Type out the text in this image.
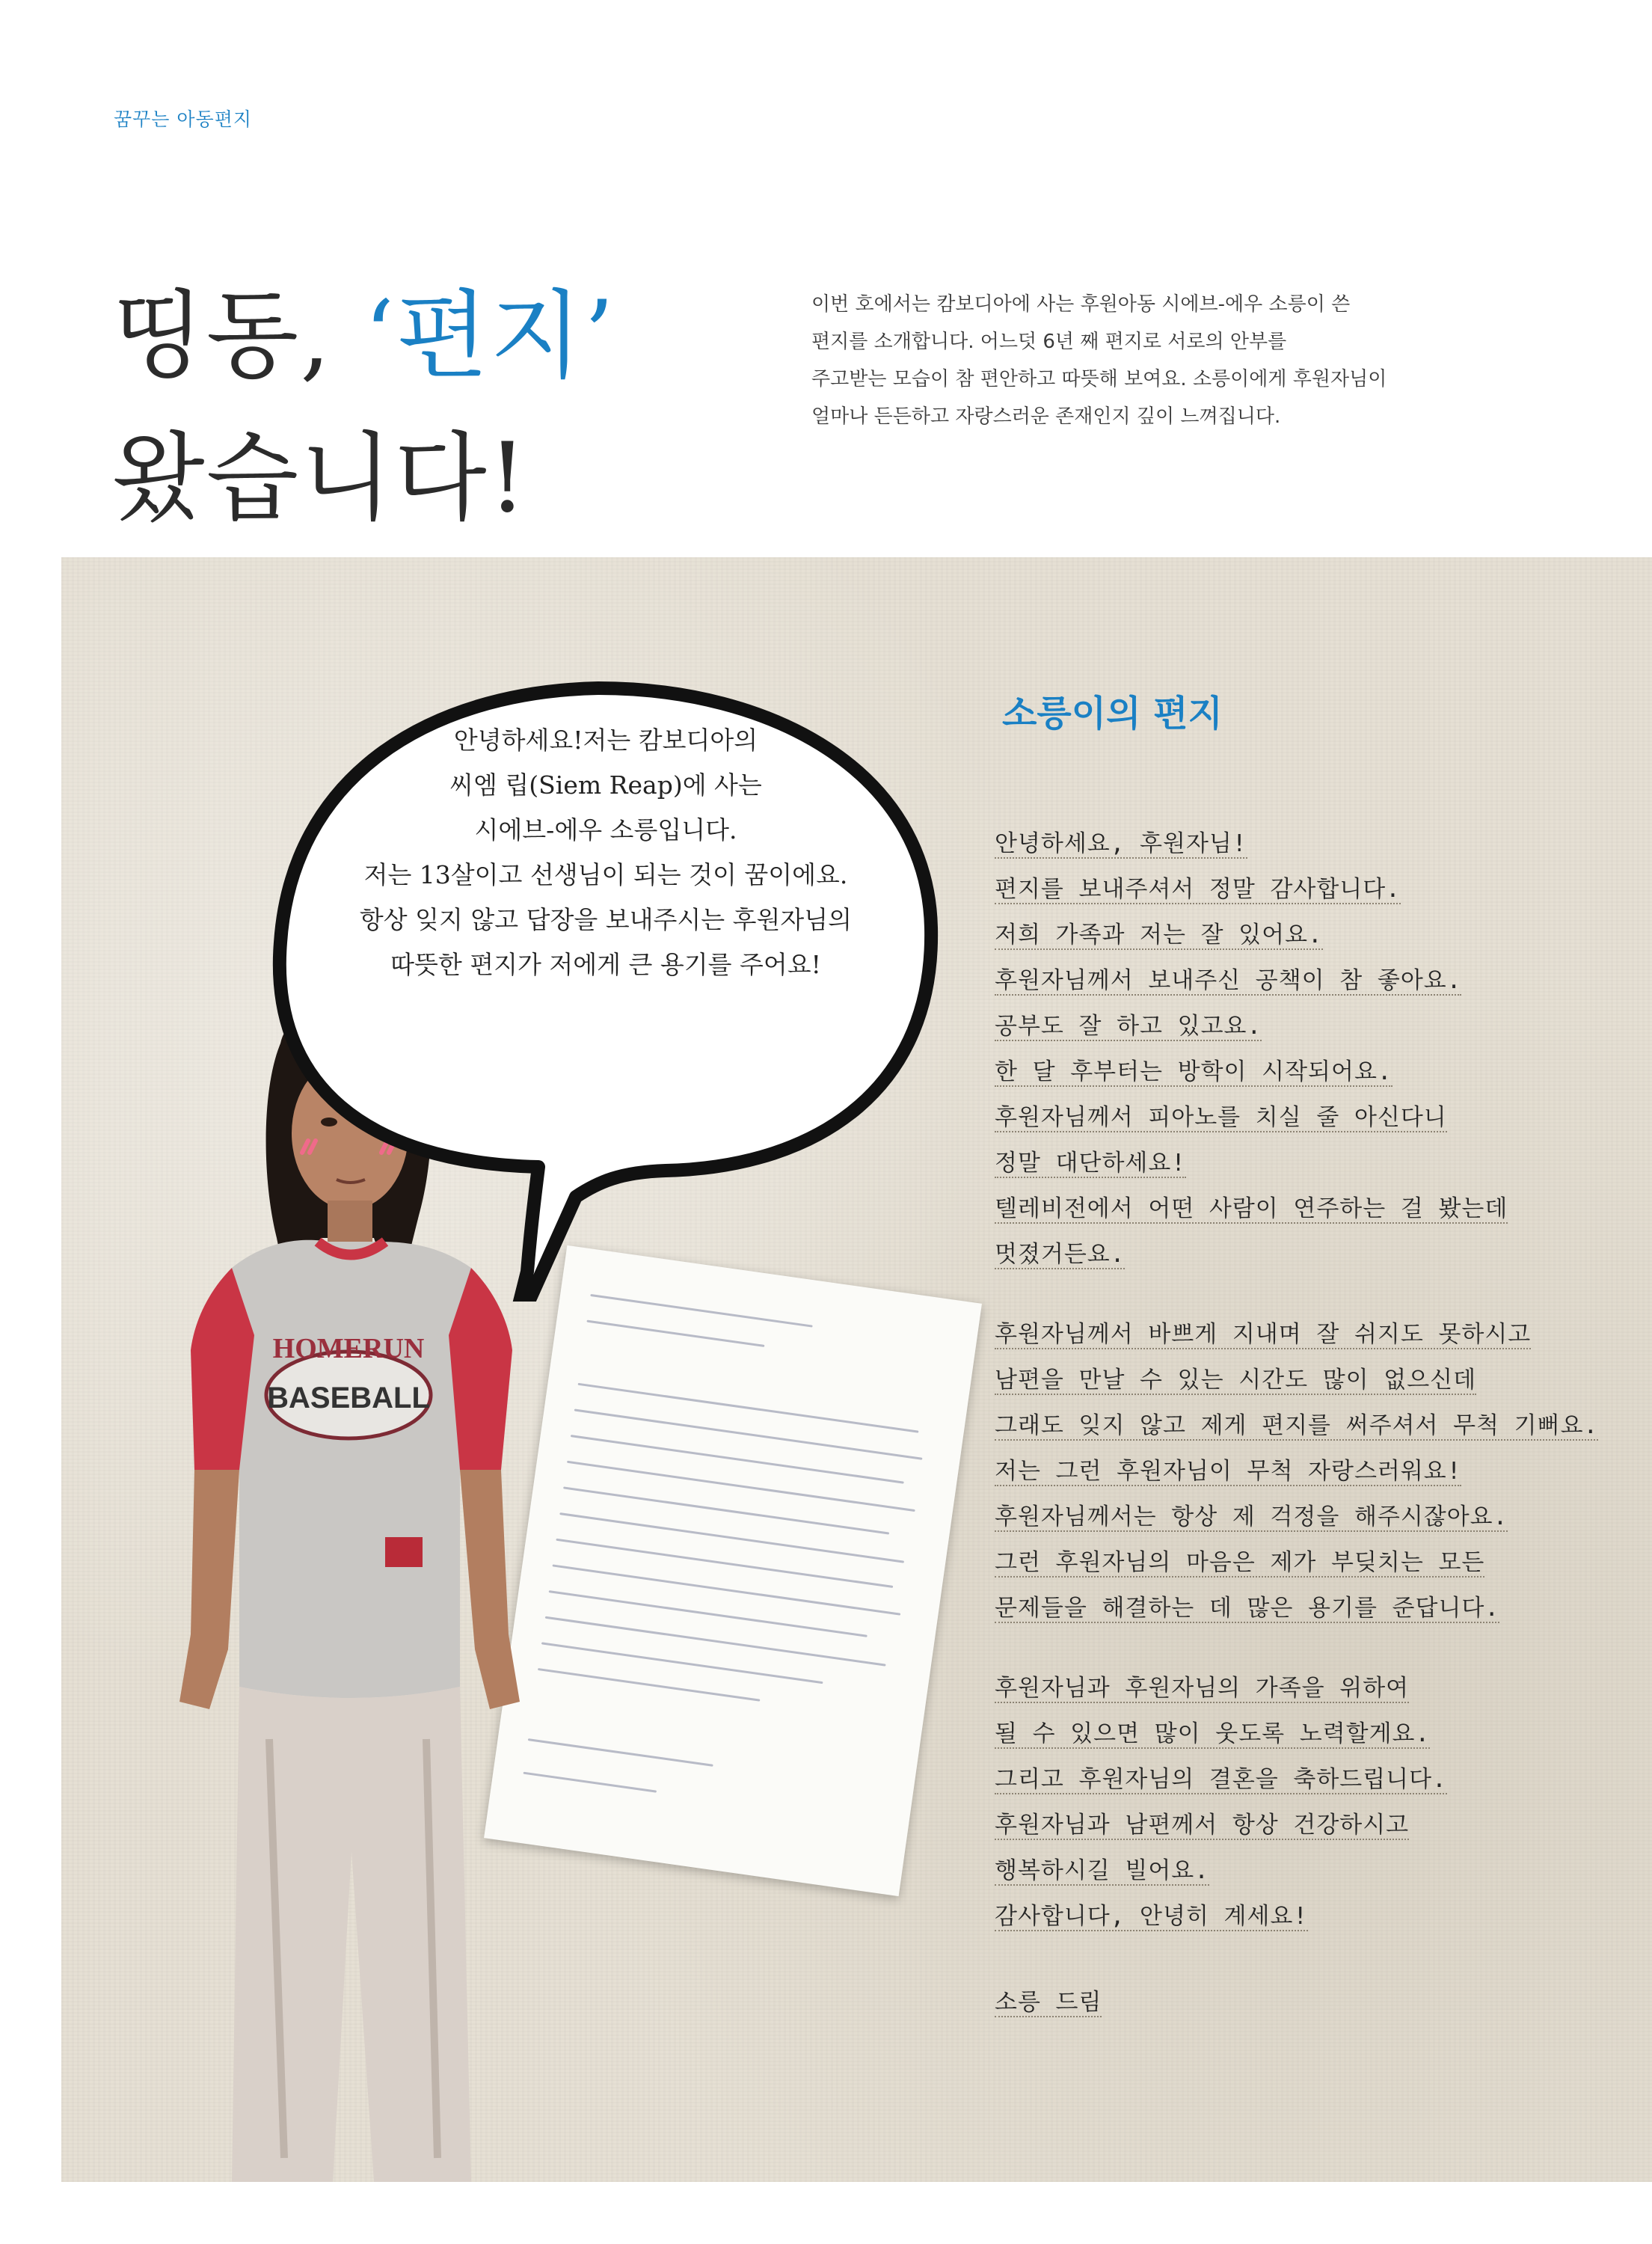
꿈꾸는 아동편지
띵동, ‘편지’
왔습니다!
이번 호에서는 캄보디아에 사는 후원아동 시에브-에우 소릉이 쓴
편지를 소개합니다. 어느덧 6년 째 편지로 서로의 안부를
주고받는 모습이 참 편안하고 따뜻해 보여요. 소릉이에게 후원자님이
얼마나 든든하고 자랑스러운 존재인지 깊이 느껴집니다.
HOMERUN
BASEBALL
안녕하세요!저는 캄보디아의
씨엠 립(Siem Reap)에 사는
시에브-에우 소릉입니다.
저는 13살이고 선생님이 되는 것이 꿈이에요.
항상 잊지 않고 답장을 보내주시는 후원자님의
따뜻한 편지가 저에게 큰 용기를 주어요!
소릉이의 편지
안녕하세요, 후원자님!
편지를 보내주셔서 정말 감사합니다.
저희 가족과 저는 잘 있어요.
후원자님께서 보내주신 공책이 참 좋아요.
공부도 잘 하고 있고요.
한 달 후부터는 방학이 시작되어요.
후원자님께서 피아노를 치실 줄 아신다니
정말 대단하세요!
텔레비전에서 어떤 사람이 연주하는 걸 봤는데
멋졌거든요.
후원자님께서 바쁘게 지내며 잘 쉬지도 못하시고
남편을 만날 수 있는 시간도 많이 없으신데
그래도 잊지 않고 제게 편지를 써주셔서 무척 기뻐요.
저는 그런 후원자님이 무척 자랑스러워요!
후원자님께서는 항상 제 걱정을 해주시잖아요.
그런 후원자님의 마음은 제가 부딪치는 모든
문제들을 해결하는 데 많은 용기를 준답니다.
후원자님과 후원자님의 가족을 위하여
될 수 있으면 많이 웃도록 노력할게요.
그리고 후원자님의 결혼을 축하드립니다.
후원자님과 남편께서 항상 건강하시고
행복하시길 빌어요.
감사합니다, 안녕히 계세요!
소릉 드림
